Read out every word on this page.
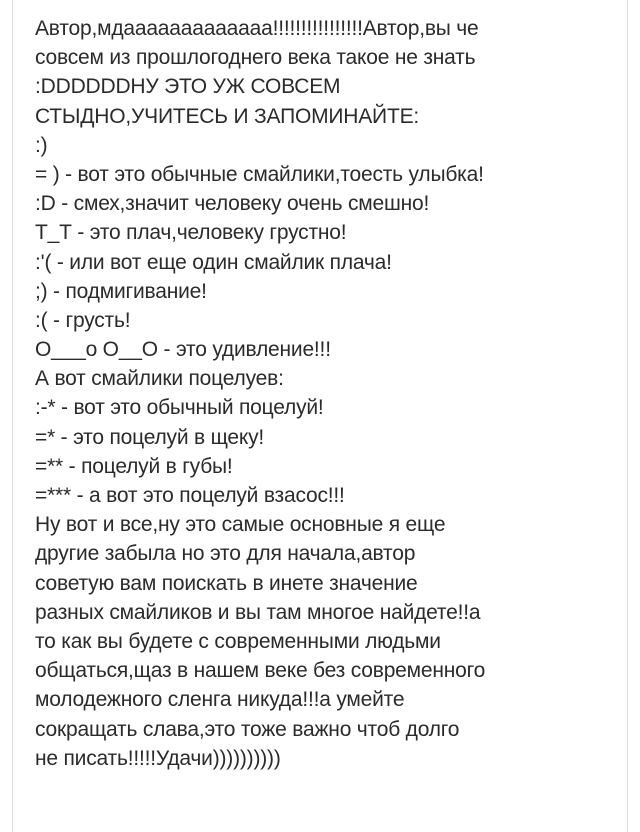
Автор,мдааааааааааааа!!!!!!!!!!!!!!!!Автор,вы че
совсем из прошлогоднего века такое не знать
:DDDDDDHУ ЭТО УЖ СОВСЕМ
СТЫДНО,УЧИТЕСЬ И ЗАПОМИНАЙТЕ:
:)
= ) - вот это обычные смайлики,тоесть улыбка!
:D - смех,значит человеку очень смешно!
Т_Т - это плач,человеку грустно!
:'( - или вот еще один смайлик плача!
;) - подмигивание!
:( - грусть!
О___о О__О - это удивление!!!
А вот смайлики поцелуев:
:-* - вот это обычный поцелуй!
=* - это поцелуй в щеку!
=** - поцелуй в губы!
=*** - а вот это поцелуй взасос!!!
Ну вот и все,ну это самые основные я еще
другие забыла но это для начала,автор
советую вам поискать в инете значение
разных смайликов и вы там многое найдете!!а
то как вы будете с современными людьми
общаться,щаз в нашем веке без современного
молодежного сленга никуда!!!а умейте
сокращать слава,это тоже важно чтоб долго
не писать!!!!!Удачи))))))))))
